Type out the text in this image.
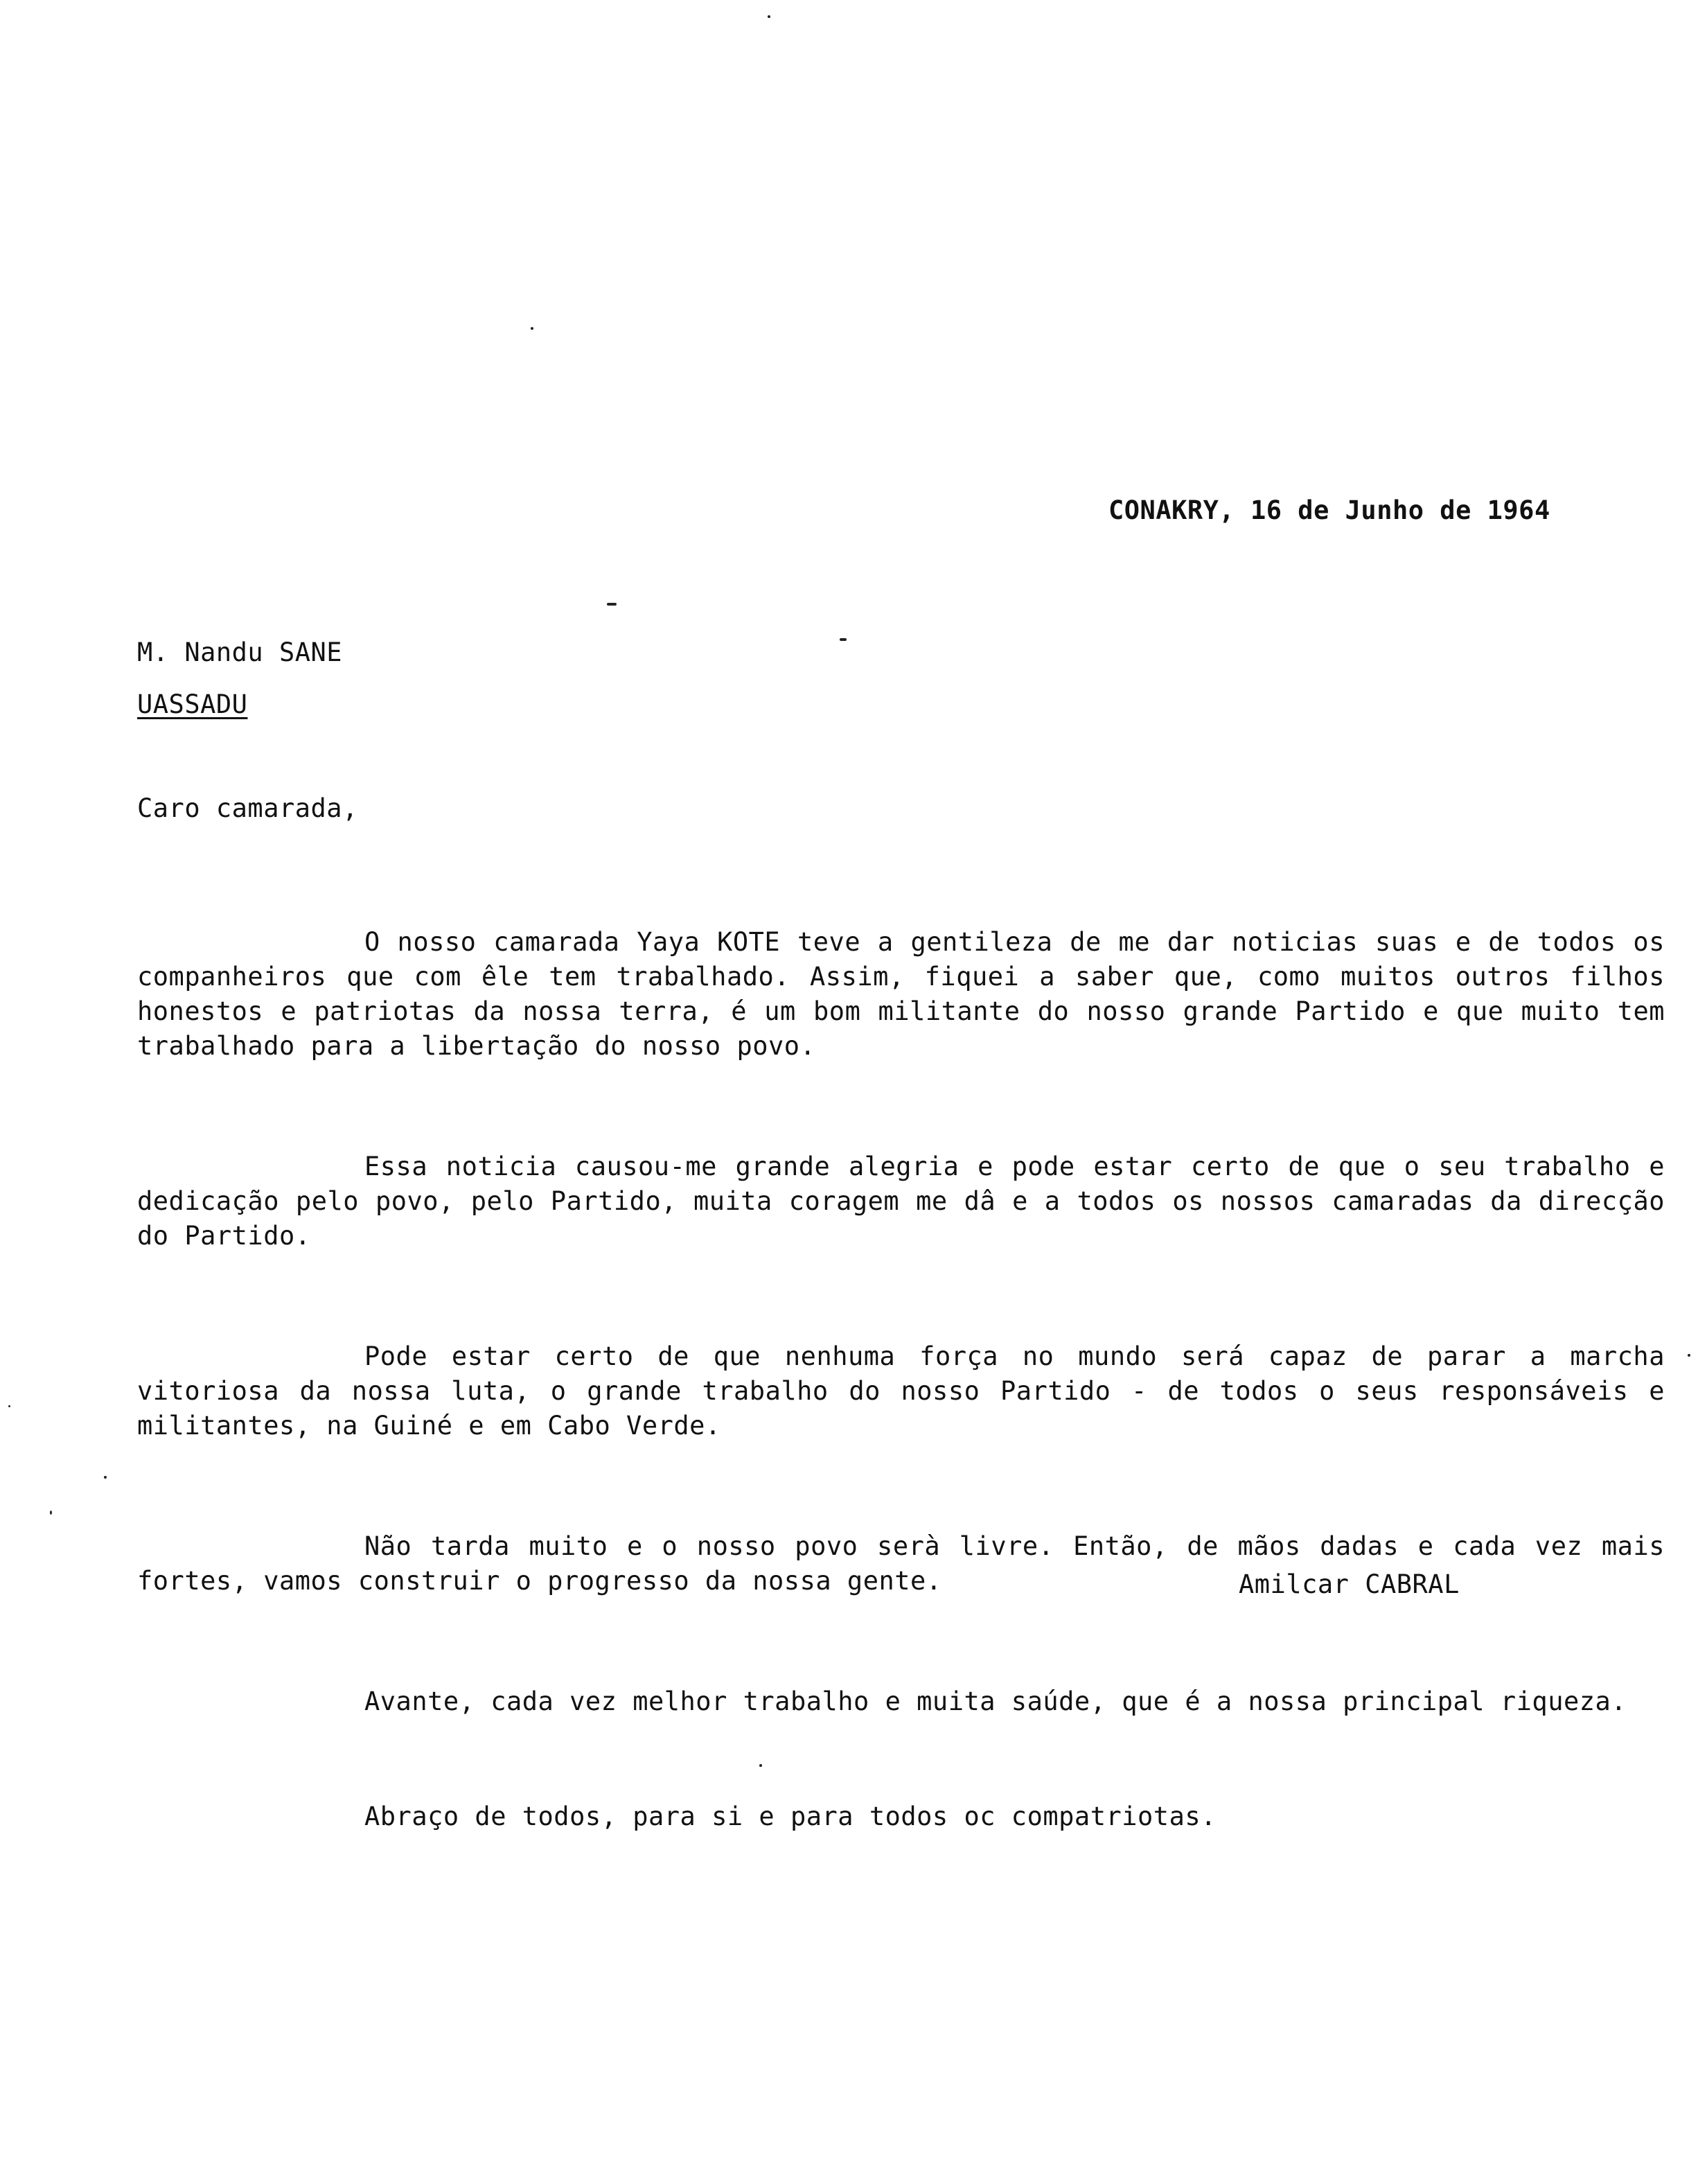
CONAKRY, 16 de Junho de 1964
M. Nandu SANE
UASSADU
Caro camarada,

O nosso camarada Yaya KOTE teve a gentileza de me dar noticias suas e de todos os companheiros que com êle tem trabalhado. Assim, fiquei a saber que, como muitos outros filhos honestos e patriotas da nossa terra, é um bom militante do nosso grande Partido e que muito tem trabalhado para a libertação do nosso povo.

Essa noticia causou-me grande alegria e pode estar certo de que o seu trabalho e dedicação pelo povo, pelo Partido, muita coragem me dâ e a todos os nossos camaradas da direcção do Partido.

Pode estar certo de que nenhuma força no mundo será capaz de parar a marcha vitoriosa da nossa luta, o grande trabalho do nosso Partido - de todos o seus responsáveis e militantes, na Guiné e em Cabo Verde.

Não tarda muito e o nosso povo serà livre. Então, de mãos dadas e cada vez mais fortes, vamos construir o progresso da nossa gente.

Avante, cada vez melhor trabalho e muita saúde, que é a nossa principal riqueza.

Abraço de todos, para si e para todos oc compatriotas.

Amilcar CABRAL
